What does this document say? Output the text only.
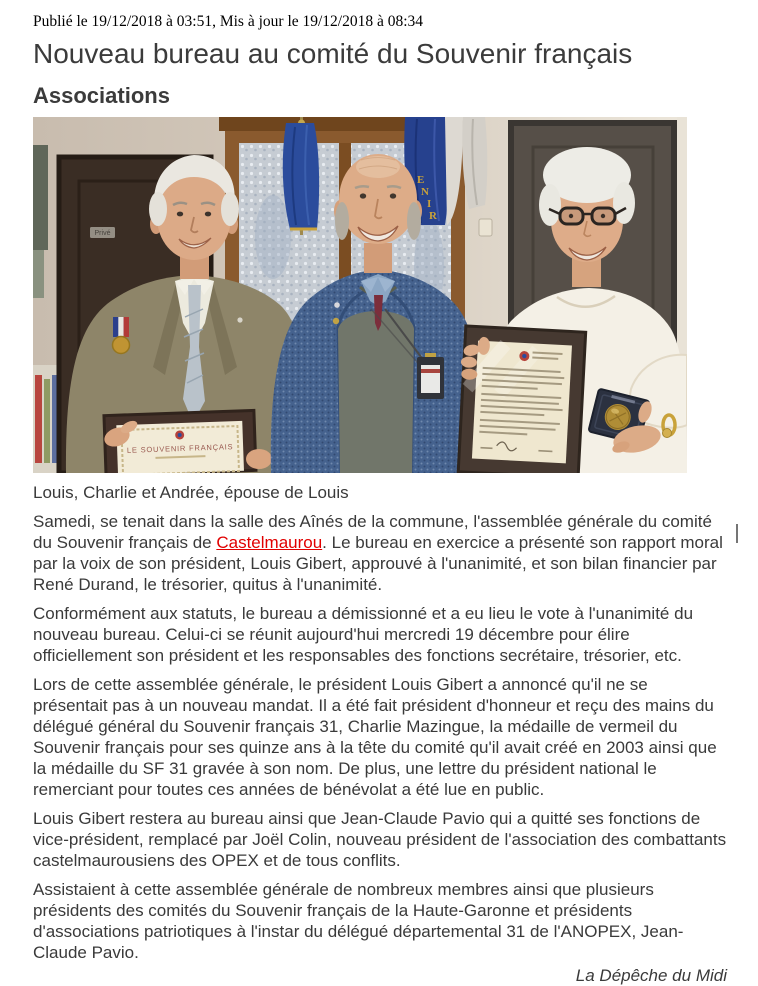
Publié le 19/12/2018 à 03:51, Mis à jour le 19/12/2018 à 08:34
Nouveau bureau au comité du Souvenir français
Associations
Privé
E N I R
LE SOUVENIR FRANÇAIS
Louis, Charlie et Andrée, épouse de Louis

Samedi, se tenait dans la salle des Aînés de la commune, l'assemblée générale du comité du Souvenir français de Castelmaurou. Le bureau en exercice a présenté son rapport moral par la voix de son président, Louis Gibert, approuvé à l'unanimité, et son bilan financier par René Durand, le trésorier, quitus à l'unanimité.

Conformément aux statuts, le bureau a démissionné et a eu lieu le vote à l'unanimité du nouveau bureau. Celui-ci se réunit aujourd'hui mercredi 19 décembre pour élire officiellement son président et les responsables des fonctions secrétaire, trésorier, etc.

Lors de cette assemblée générale, le président Louis Gibert a annoncé qu'il ne se présentait pas à un nouveau mandat. Il a été fait président d'honneur et reçu des mains du délégué général du Souvenir français 31, Charlie Mazingue, la médaille de vermeil du Souvenir français pour ses quinze ans à la tête du comité qu'il avait créé en 2003 ainsi que la médaille du SF 31 gravée à son nom. De plus, une lettre du président national le remerciant pour toutes ces années de bénévolat a été lue en public.

Louis Gibert restera au bureau ainsi que Jean-Claude Pavio qui a quitté ses fonctions de vice-président, remplacé par Joël Colin, nouveau président de l'association des combattants castelmaurousiens des OPEX et de tous conflits.

Assistaient à cette assemblée générale de nombreux membres ainsi que plusieurs présidents des comités du Souvenir français de la Haute-Garonne et présidents d'associations patriotiques à l'instar du délégué départemental 31 de l'ANOPEX, Jean-Claude Pavio.

La Dépêche du Midi
